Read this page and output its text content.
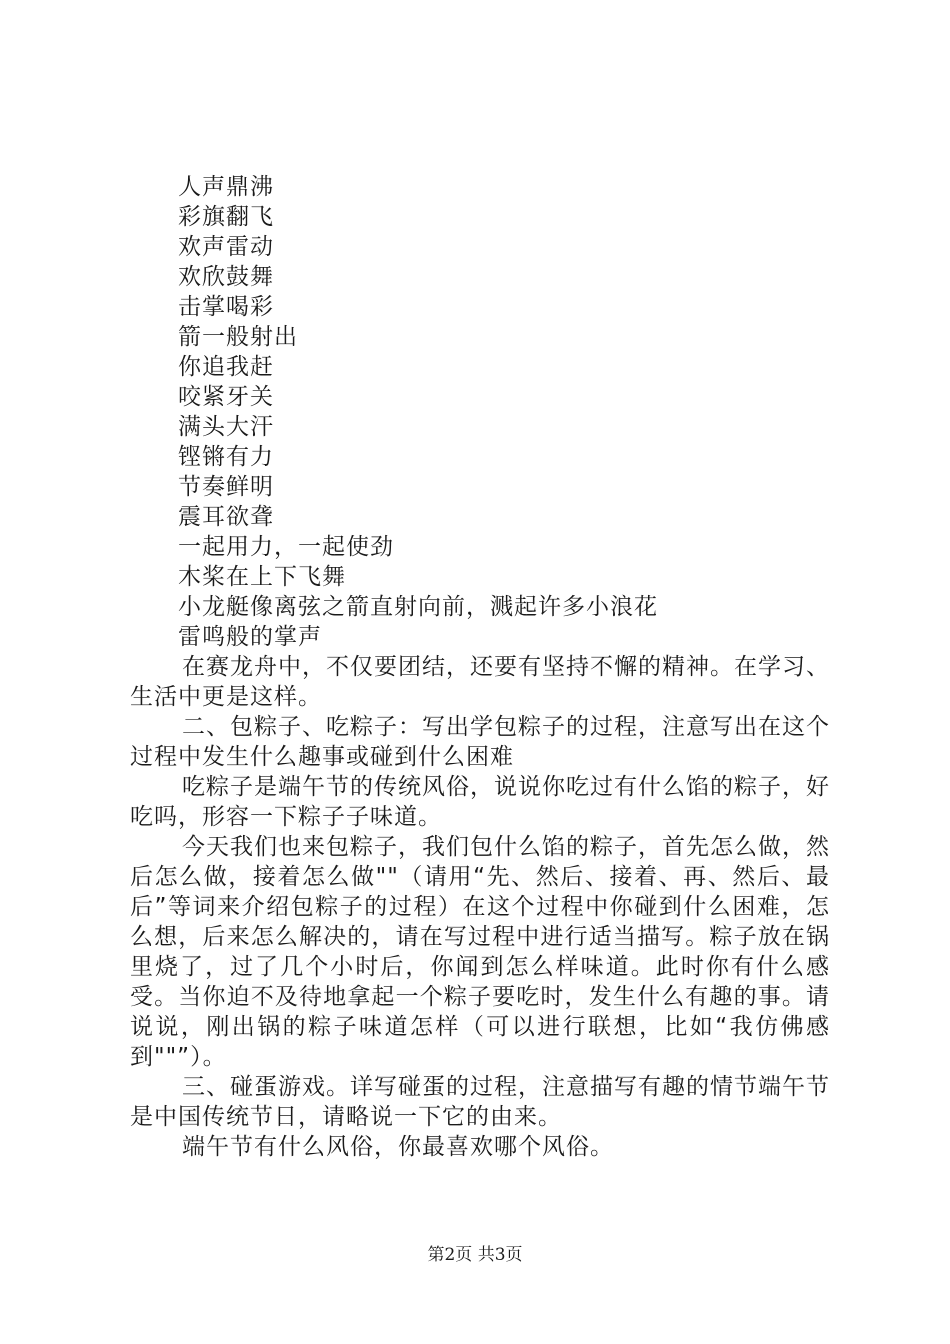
人声鼎沸
彩旗翻飞
欢声雷动
欢欣鼓舞
击掌喝彩
箭一般射出
你追我赶
咬紧牙关
满头大汗
铿锵有力
节奏鲜明
震耳欲聋
一起用力，一起使劲
木桨在上下飞舞
小龙艇像离弦之箭直射向前，溅起许多小浪花
雷鸣般的掌声

在赛龙舟中，不仅要团结，还要有坚持不懈的精神。在学习、生活中更是这样。

二、包粽子、吃粽子：写出学包粽子的过程，注意写出在这个过程中发生什么趣事或碰到什么困难

吃粽子是端午节的传统风俗，说说你吃过有什么馅的粽子，好吃吗，形容一下粽子子味道。

今天我们也来包粽子，我们包什么馅的粽子，首先怎么做，然后怎么做，接着怎么做""（请用“先、然后、接着、再、然后、最后”等词来介绍包粽子的过程）在这个过程中你碰到什么困难，怎么想，后来怎么解决的，请在写过程中进行适当描写。粽子放在锅里烧了，过了几个小时后，你闻到怎么样味道。此时你有什么感受。当你迫不及待地拿起一个粽子要吃时，发生什么有趣的事。请说说，刚出锅的粽子味道怎样（可以进行联想，比如“我仿佛感到""”）。

三、碰蛋游戏。详写碰蛋的过程，注意描写有趣的情节端午节是中国传统节日，请略说一下它的由来。

端午节有什么风俗，你最喜欢哪个风俗。

第2页 共3页
